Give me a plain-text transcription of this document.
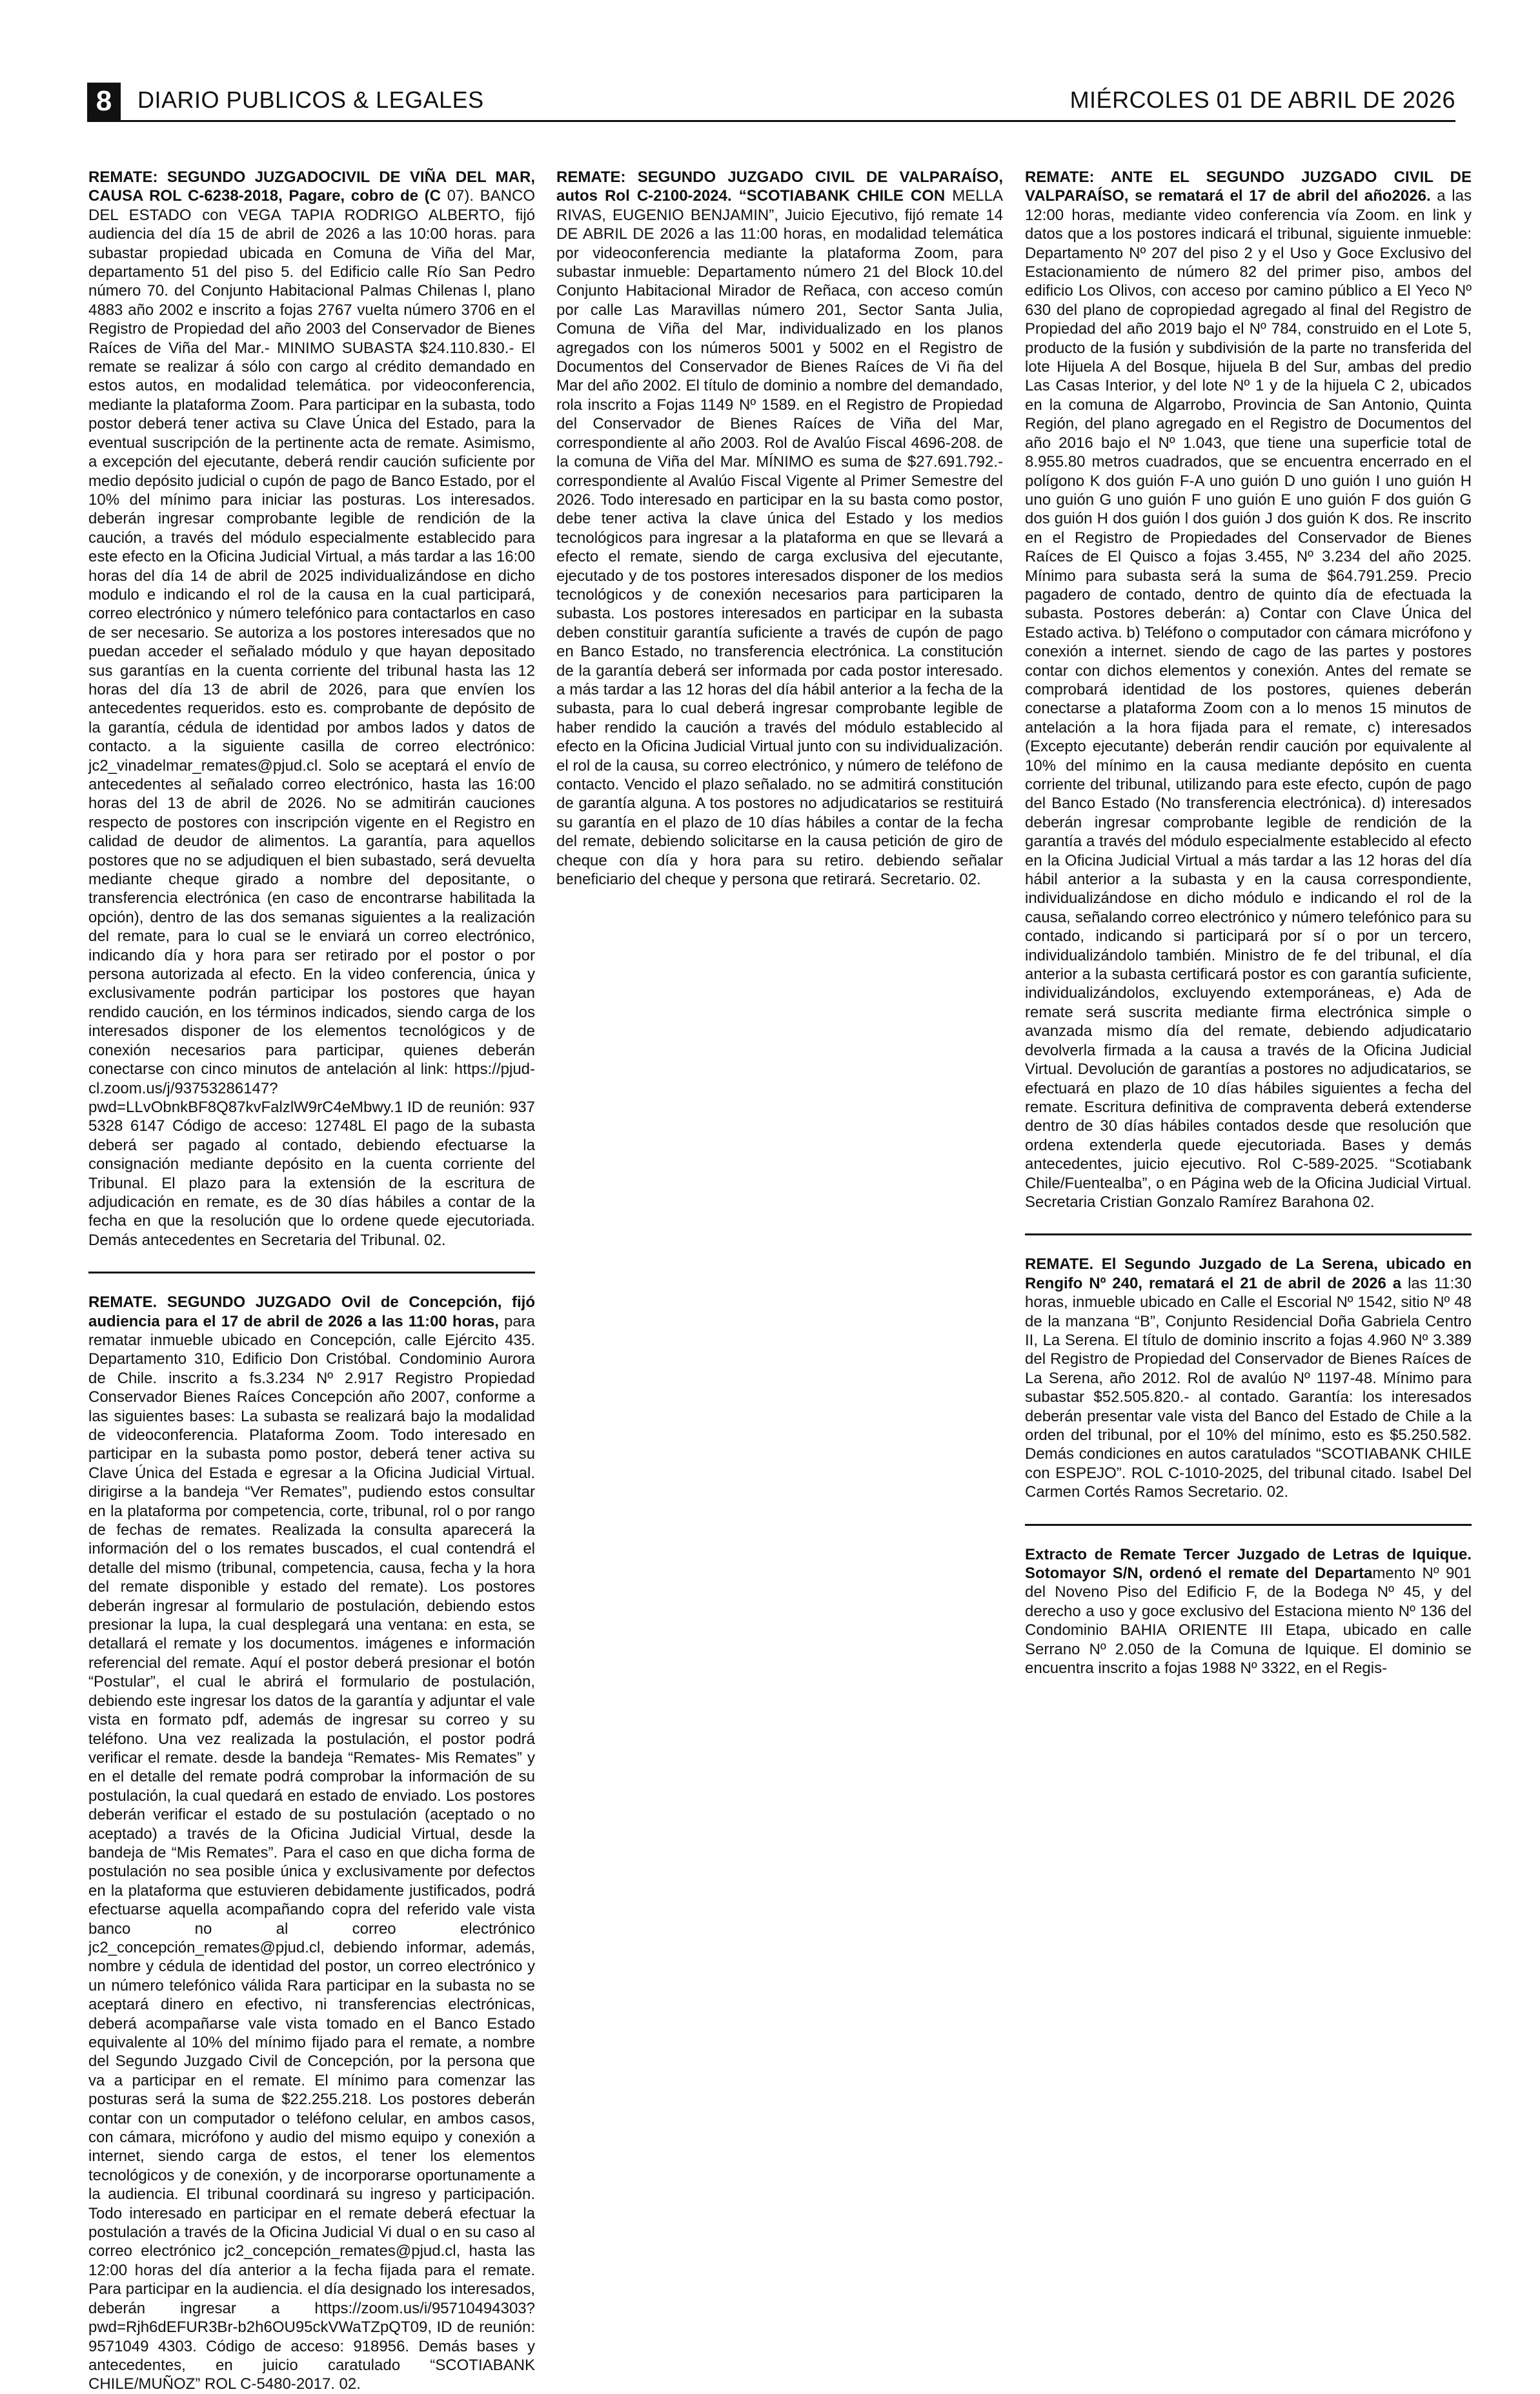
8	DIARIO PUBLICOS & LEGALES	MIÉRCOLES 01 DE ABRIL DE 2026
REMATE: SEGUNDO JUZGADOCIVIL DE VIÑA DEL MAR, CAUSA ROL C-6238-2018, Pagare, cobro de (C 07). BANCO DEL ESTADO con VEGA TAPIA RODRIGO ALBERTO, fijó audiencia del día 15 de abril de 2026 a las 10:00 horas. para subastar propiedad ubicada en Comuna de Viña del Mar, departamento 51 del piso 5. del Edificio calle Río San Pedro número 70. del Conjunto Habitacional Palmas Chilenas l, plano 4883 año 2002 e inscrito a fojas 2767 vuelta número 3706 en el Registro de Propiedad del año 2003 del Conservador de Bienes Raíces de Viña del Mar.- MINIMO SUBASTA $24.110.830.- El remate se realizar á sólo con cargo al crédito demandado en estos autos, en modalidad telemática. por videoconferencia, mediante la plataforma Zoom. Para participar en la subasta, todo postor deberá tener activa su Clave Única del Estado, para la eventual suscripción de la pertinente acta de remate. Asimismo, a excepción del ejecutante, deberá rendir caución suficiente por medio depósito judicial o cupón de pago de Banco Estado, por el 10% del mínimo para iniciar las posturas. Los interesados. deberán ingresar comprobante legible de rendición de la caución, a través del módulo especialmente establecido para este efecto en la Oficina Judicial Virtual, a más tardar a las 16:00 horas del día 14 de abril de 2025 individualizándose en dicho modulo e indicando el rol de la causa en la cual participará, correo electrónico y número telefónico para contactarlos en caso de ser necesario. Se autoriza a los postores interesados que no puedan acceder el señalado módulo y que hayan depositado sus garantías en la cuenta corriente del tribunal hasta las 12 horas del día 13 de abril de 2026, para que envíen los antecedentes requeridos. esto es. comprobante de depósito de la garantía, cédula de identidad por ambos lados y datos de contacto. a la siguiente casilla de correo electrónico: jc2_vinadelmar_remates@pjud.cl. Solo se aceptará el envío de antecedentes al señalado correo electrónico, hasta las 16:00 horas del 13 de abril de 2026. No se admitirán cauciones respecto de postores con inscripción vigente en el Registro en calidad de deudor de alimentos. La garantía, para aquellos postores que no se adjudiquen el bien subastado, será devuelta mediante cheque girado a nombre del depositante, o transferencia electrónica (en caso de encontrarse habilitada la opción), dentro de las dos semanas siguientes a la realización del remate, para lo cual se le enviará un correo electrónico, indicando día y hora para ser retirado por el postor o por persona autorizada al efecto. En la video conferencia, única y exclusivamente podrán participar los postores que hayan rendido caución, en los términos indicados, siendo carga de los interesados disponer de los elementos tecnológicos y de conexión necesarios para participar, quienes deberán conectarse con cinco minutos de antelación al link: https://pjud-cl.zoom.us/j/93753286147?pwd=LLvObnkBF8Q87kvFalzlW9rC4eMbwy.1 ID de reunión: 937 5328 6147 Código de acceso: 12748L El pago de la subasta deberá ser pagado al contado, debiendo efectuarse la consignación mediante depósito en la cuenta corriente del Tribunal. El plazo para la extensión de la escritura de adjudicación en remate, es de 30 días hábiles a contar de la fecha en que la resolución que lo ordene quede ejecutoriada. Demás antecedentes en Secretaria del Tribunal. 02.
REMATE. SEGUNDO JUZGADO Ovil de Concepción, fijó audiencia para el 17 de abril de 2026 a las 11:00 horas, para rematar inmueble ubicado en Concepción, calle Ejército 435. Departamento 310, Edificio Don Cristóbal. Condominio Aurora de Chile. inscrito a fs.3.234 Nº 2.917 Registro Propiedad Conservador Bienes Raíces Concepción año 2007, conforme a las siguientes bases: La subasta se realizará bajo la modalidad de videoconferencia. Plataforma Zoom. Todo interesado en participar en la subasta pomo postor, deberá tener activa su Clave Única del Estada e egresar a la Oficina Judicial Virtual. dirigirse a la bandeja “Ver Remates”, pudiendo estos consultar en la plataforma por competencia, corte, tribunal, rol o por rango de fechas de remates. Realizada la consulta aparecerá la información del o los remates buscados, el cual contendrá el detalle del mismo (tribunal, competencia, causa, fecha y la hora del remate disponible y estado del remate). Los postores deberán ingresar al formulario de postulación, debiendo estos presionar la lupa, la cual desplegará una ventana: en esta, se detallará el remate y los documentos. imágenes e información referencial del remate. Aquí el postor deberá presionar el botón “Postular”, el cual le abrirá el formulario de postulación, debiendo este ingresar los datos de la garantía y adjuntar el vale vista en formato pdf, además de ingresar su correo y su teléfono. Una vez realizada la postulación, el postor podrá verificar el remate. desde la bandeja “Remates- Mis Remates” y en el detalle del remate podrá comprobar la información de su postulación, la cual quedará en estado de enviado. Los postores deberán verificar el estado de su postulación (aceptado o no aceptado) a través de la Oficina Judicial Virtual, desde la bandeja de “Mis Remates”. Para el caso en que dicha forma de postulación no sea posible única y exclusivamente por defectos en la plataforma que estuvieren debidamente justificados, podrá efectuarse aquella acompañando copra del referido vale vista banco no al correo electrónico jc2_concepción_remates@pjud.cl, debiendo informar, además, nombre y cédula de identidad del postor, un correo electrónico y un número telefónico válida Rara participar en la subasta no se aceptará dinero en efectivo, ni transferencias electrónicas, deberá acompañarse vale vista tomado en el Banco Estado equivalente al 10% del mínimo fijado para el remate, a nombre del Segundo Juzgado Civil de Concepción, por la persona que va a participar en el remate. El mínimo para comenzar las posturas será la suma de $22.255.218. Los postores deberán contar con un computador o teléfono celular, en ambos casos, con cámara, micrófono y audio del mismo equipo y conexión a internet, siendo carga de estos, el tener los elementos tecnológicos y de conexión, y de incorporarse oportunamente a la audiencia. El tribunal coordinará su ingreso y participación. Todo interesado en participar en el remate deberá efectuar la postulación a través de la Oficina Judicial Vi dual o en su caso al correo electrónico jc2_concepción_remates@pjud.cl, hasta las 12:00 horas del día anterior a la fecha fijada para el remate. Para participar en la audiencia. el día designado los interesados, deberán ingresar a https://zoom.us/i/95710494303?pwd=Rjh6dEFUR3Br-b2h6OU95ckVWaTZpQT09, ID de reunión: 9571049 4303. Código de acceso: 918956. Demás bases y antecedentes, en juicio caratulado “SCOTIABANK CHILE/MUÑOZ” ROL C-5480-2017. 02.
REMATE: SEGUNDO JUZGADO CIVIL DE VALPARAÍSO, autos Rol C-2100-2024. “SCOTIABANK CHILE CON MELLA RIVAS, EUGENIO BENJAMIN”, Juicio Ejecutivo, fijó remate 14 DE ABRIL DE 2026 a las 11:00 horas, en modalidad telemática por videoconferencia mediante la plataforma Zoom, para subastar inmueble: Departamento número 21 del Block 10.del Conjunto Habitacional Mirador de Reñaca, con acceso común por calle Las Maravillas número 201, Sector Santa Julia, Comuna de Viña del Mar, individualizado en los planos agregados con los números 5001 y 5002 en el Registro de Documentos del Conservador de Bienes Raíces de Vi ña del Mar del año 2002. El título de dominio a nombre del demandado, rola inscrito a Fojas 1149 Nº 1589. en el Registro de Propiedad del Conservador de Bienes Raíces de Viña del Mar, correspondiente al año 2003. Rol de Avalúo Fiscal 4696-208. de la comuna de Viña del Mar. MÍNIMO es suma de $27.691.792.- correspondiente al Avalúo Fiscal Vigente al Primer Semestre del 2026. Todo interesado en participar en la su basta como postor, debe tener activa la clave única del Estado y los medios tecnológicos para ingresar a la plataforma en que se llevará a efecto el remate, siendo de carga exclusiva del ejecutante, ejecutado y de tos postores interesados disponer de los medios tecnológicos y de conexión necesarios para participaren la subasta. Los postores interesados en participar en la subasta deben constituir garantía suficiente a través de cupón de pago en Banco Estado, no transferencia electrónica. La constitución de la garantía deberá ser informada por cada postor interesado. a más tardar a las 12 horas del día hábil anterior a la fecha de la subasta, para lo cual deberá ingresar comprobante legible de haber rendido la caución a través del módulo establecido al efecto en la Oficina Judicial Virtual junto con su individualización. el rol de la causa, su correo electrónico, y número de teléfono de contacto. Vencido el plazo señalado. no se admitirá constitución de garantía alguna. A tos postores no adjudicatarios se restituirá su garantía en el plazo de 10 días hábiles a contar de la fecha del remate, debiendo solicitarse en la causa petición de giro de cheque con día y hora para su retiro. debiendo señalar beneficiario del cheque y persona que retirará. Secretario. 02.
REMATE: ANTE EL SEGUNDO JUZGADO CIVIL DE VALPARAÍSO, se rematará el 17 de abril del año2026. a las 12:00 horas, mediante video conferencia vía Zoom. en link y datos que a los postores indicará el tribunal, siguiente inmueble: Departamento Nº 207 del piso 2 y el Uso y Goce Exclusivo del Estacionamiento de número 82 del primer piso, ambos del edificio Los Olivos, con acceso por camino público a El Yeco Nº 630 del plano de copropiedad agregado al final del Registro de Propiedad del año 2019 bajo el Nº 784, construido en el Lote 5, producto de la fusión y subdivisión de la parte no transferida del lote Hijuela A del Bosque, hijuela B del Sur, ambas del predio Las Casas Interior, y del lote Nº 1 y de la hijuela C 2, ubicados en la comuna de Algarrobo, Provincia de San Antonio, Quinta Región, del plano agregado en el Registro de Documentos del año 2016 bajo el Nº 1.043, que tiene una superficie total de 8.955.80 metros cuadrados, que se encuentra encerrado en el polígono K dos guión F-A uno guión D uno guión I uno guión H uno guión G uno guión F uno guión E uno guión F dos guión G dos guión H dos guión l dos guión J dos guión K dos. Re inscrito en el Registro de Propiedades del Conservador de Bienes Raíces de El Quisco a fojas 3.455, Nº 3.234 del año 2025. Mínimo para subasta será la suma de $64.791.259. Precio pagadero de contado, dentro de quinto día de efectuada la subasta. Postores deberán: a) Contar con Clave Única del Estado activa. b) Teléfono o computador con cámara micrófono y conexión a internet. siendo de cago de las partes y postores contar con dichos elementos y conexión. Antes del remate se comprobará identidad de los postores, quienes deberán conectarse a plataforma Zoom con a lo menos 15 minutos de antelación a la hora fijada para el remate, c) interesados (Excepto ejecutante) deberán rendir caución por equivalente al 10% del mínimo en la causa mediante depósito en cuenta corriente del tribunal, utilizando para este efecto, cupón de pago del Banco Estado (No transferencia electrónica). d) interesados deberán ingresar comprobante legible de rendición de la garantía a través del módulo especialmente establecido al efecto en la Oficina Judicial Virtual a más tardar a las 12 horas del día hábil anterior a la subasta y en la causa correspondiente, individualizándose en dicho módulo e indicando el rol de la causa, señalando correo electrónico y número telefónico para su contado, indicando si participará por sí o por un tercero, individualizándolo también. Ministro de fe del tribunal, el día anterior a la subasta certificará postor es con garantía suficiente, individualizándolos, excluyendo extemporáneas, e) Ada de remate será suscrita mediante firma electrónica simple o avanzada mismo día del remate, debiendo adjudicatario devolverla firmada a la causa a través de la Oficina Judicial Virtual. Devolución de garantías a postores no adjudicatarios, se efectuará en plazo de 10 días hábiles siguientes a fecha del remate. Escritura definitiva de compraventa deberá extenderse dentro de 30 días hábiles contados desde que resolución que ordena extenderla quede ejecutoriada. Bases y demás antecedentes, juicio ejecutivo. Rol C-589-2025. “Scotiabank Chile/Fuentealba”, o en Página web de la Oficina Judicial Virtual. Secretaria Cristian Gonzalo Ramírez Barahona 02.
REMATE. El Segundo Juzgado de La Serena, ubicado en Rengifo Nº 240, rematará el 21 de abril de 2026 a las 11:30 horas, inmueble ubicado en Calle el Escorial Nº 1542, sitio Nº 48 de la manzana “B”, Conjunto Residencial Doña Gabriela Centro II, La Serena. El título de dominio inscrito a fojas 4.960 Nº 3.389 del Registro de Propiedad del Conservador de Bienes Raíces de La Serena, año 2012. Rol de avalúo Nº 1197-48. Mínimo para subastar $52.505.820.- al contado. Garantía: los interesados deberán presentar vale vista del Banco del Estado de Chile a la orden del tribunal, por el 10% del mínimo, esto es $5.250.582. Demás condiciones en autos caratulados “SCOTIABANK CHILE con ESPEJO”. ROL C-1010-2025, del tribunal citado. Isabel Del Carmen Cortés Ramos Secretario. 02.
Extracto de Remate Tercer Juzgado de Letras de Iquique. Sotomayor S/N, ordenó el remate del Departamento Nº 901 del Noveno Piso del Edificio F, de la Bodega Nº 45, y del derecho a uso y goce exclusivo del Estaciona miento Nº 136 del Condominio BAHIA ORIENTE III Etapa, ubicado en calle Serrano Nº 2.050 de la Comuna de Iquique. El dominio se encuentra inscrito a fojas 1988 Nº 3322, en el Regis-
